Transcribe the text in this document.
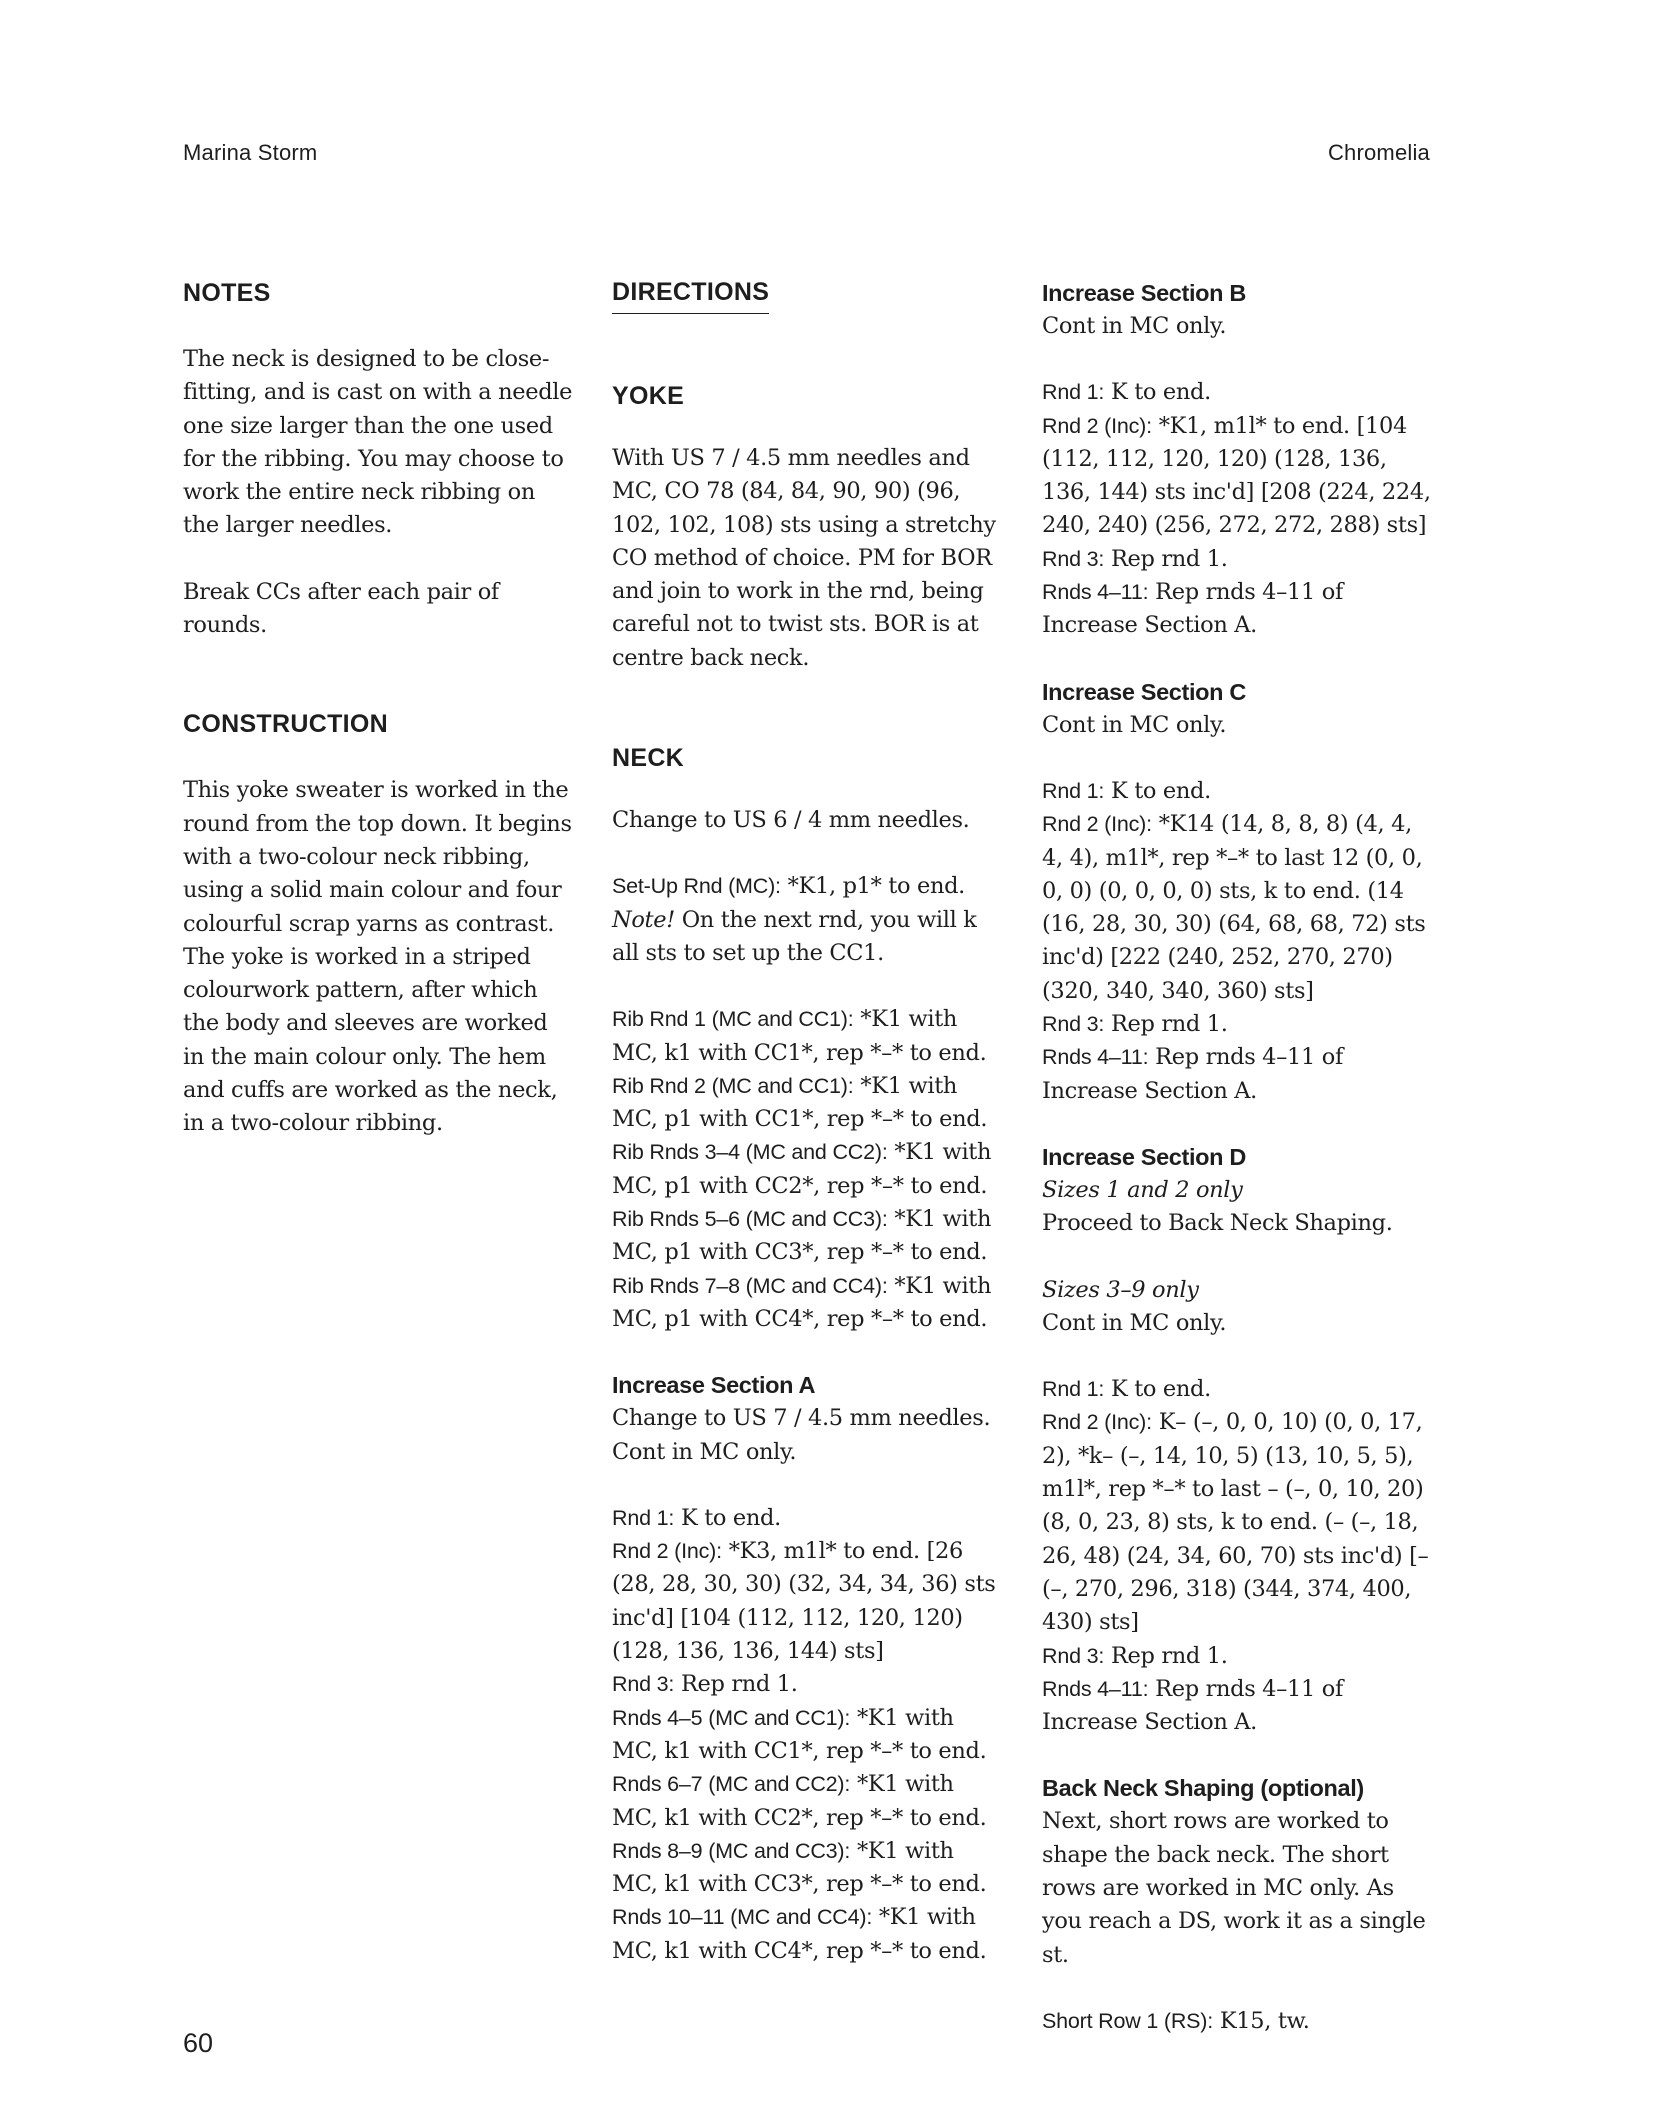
Marina Storm	Chromelia
NOTES

The neck is designed to be close-fitting, and is cast on with a needle one size larger than the one used for the ribbing. You may choose to work the entire neck ribbing on the larger needles.

Break CCs after each pair of rounds.

CONSTRUCTION

This yoke sweater is worked in the round from the top down. It begins with a two-colour neck ribbing, using a solid main colour and four colourful scrap yarns as contrast. The yoke is worked in a striped colourwork pattern, after which the body and sleeves are worked in the main colour only. The hem and cuffs are worked as the neck, in a two-colour ribbing.

DIRECTIONS
YOKE

With US 7 / 4.5 mm needles and MC, CO 78 (84, 84, 90, 90) (96, 102, 102, 108) sts using a stretchy CO method of choice. PM for BOR and join to work in the rnd, being careful not to twist sts. BOR is at centre back neck.

NECK

Change to US 6 / 4 mm needles.

Set-Up Rnd (MC): *K1, p1* to end.

Note! On the next rnd, you will k all sts to set up the CC1.

Rib Rnd 1 (MC and CC1): *K1 with MC, k1 with CC1*, rep *–* to end.

Rib Rnd 2 (MC and CC1): *K1 with MC, p1 with CC1*, rep *–* to end.

Rib Rnds 3–4 (MC and CC2): *K1 with MC, p1 with CC2*, rep *–* to end.

Rib Rnds 5–6 (MC and CC3): *K1 with MC, p1 with CC3*, rep *–* to end.

Rib Rnds 7–8 (MC and CC4): *K1 with MC, p1 with CC4*, rep *–* to end.

Increase Section A

Change to US 7 / 4.5 mm needles. Cont in MC only.

Rnd 1: K to end.

Rnd 2 (Inc): *K3, m1l* to end. [26 (28, 28, 30, 30) (32, 34, 34, 36) sts inc'd] [104 (112, 112, 120, 120) (128, 136, 136, 144) sts]

Rnd 3: Rep rnd 1.

Rnds 4–5 (MC and CC1): *K1 with MC, k1 with CC1*, rep *–* to end.

Rnds 6–7 (MC and CC2): *K1 with MC, k1 with CC2*, rep *–* to end.

Rnds 8–9 (MC and CC3): *K1 with MC, k1 with CC3*, rep *–* to end.

Rnds 10–11 (MC and CC4): *K1 with MC, k1 with CC4*, rep *–* to end.

Increase Section B

Cont in MC only.

Rnd 1: K to end.

Rnd 2 (Inc): *K1, m1l* to end. [104 (112, 112, 120, 120) (128, 136, 136, 144) sts inc'd] [208 (224, 224, 240, 240) (256, 272, 272, 288) sts]

Rnd 3: Rep rnd 1.

Rnds 4–11: Rep rnds 4–11 of Increase Section A.

Increase Section C

Cont in MC only.

Rnd 1: K to end.

Rnd 2 (Inc): *K14 (14, 8, 8, 8) (4, 4, 4, 4), m1l*, rep *–* to last 12 (0, 0, 0, 0) (0, 0, 0, 0) sts, k to end. (14 (16, 28, 30, 30) (64, 68, 68, 72) sts inc'd) [222 (240, 252, 270, 270) (320, 340, 340, 360) sts]

Rnd 3: Rep rnd 1.

Rnds 4–11: Rep rnds 4–11 of Increase Section A.

Increase Section D

Sizes 1 and 2 only

Proceed to Back Neck Shaping.

Sizes 3–9 only

Cont in MC only.

Rnd 1: K to end.

Rnd 2 (Inc): K– (–, 0, 0, 10) (0, 0, 17, 2), *k– (–, 14, 10, 5) (13, 10, 5, 5), m1l*, rep *–* to last – (–, 0, 10, 20) (8, 0, 23, 8) sts, k to end. (– (–, 18, 26, 48) (24, 34, 60, 70) sts inc'd) [– (–, 270, 296, 318) (344, 374, 400, 430) sts]

Rnd 3: Rep rnd 1.

Rnds 4–11: Rep rnds 4–11 of Increase Section A.

Back Neck Shaping (optional)

Next, short rows are worked to shape the back neck. The short rows are worked in MC only. As you reach a DS, work it as a single st.

Short Row 1 (RS): K15, tw.

60
